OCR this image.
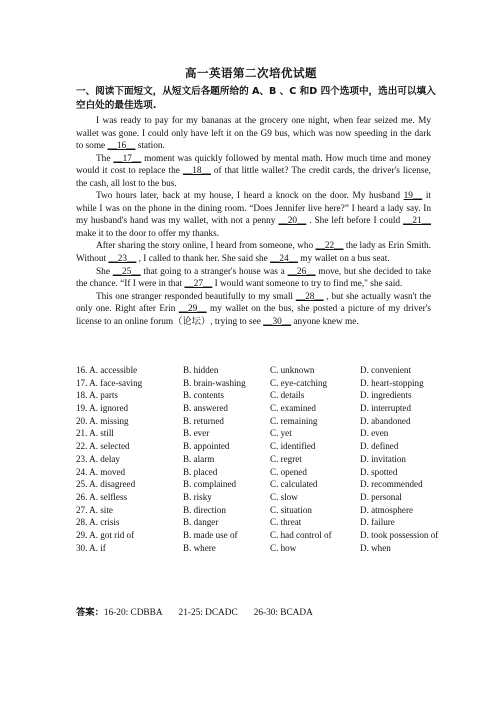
高一英语第二次培优试题
一、阅读下面短文，从短文后各题所给的 A、B 、C 和D 四个选项中，选出可以填入空白处的最佳选项.

I was ready to pay for my bananas at the grocery one night, when fear seized me. My wallet was gone. I could only have left it on the G9 bus, which was now speeding in the dark to some __16__ station.

The __17__ moment was quickly followed by mental math. How much time and money would it cost to replace the __18__ of that little wallet? The credit cards, the driver's license, the cash, all lost to the bus.

Two hours later, back at my house, I heard a knock on the door. My husband 19__ it while I was on the phone in the dining room. “Does Jennifer live here?” I heard a lady say. In my husband's hand was my wallet, with not a penny __20__ . She left before I could __21__ make it to the door to offer my thanks.

After sharing the story online, I heard from someone, who __22__ the lady as Erin Smith. Without __23__ , I called to thank her. She said she __24__ my wallet on a bus seat.

She __25__ that going to a stranger's house was a __26__ move, but she decided to take the chance. “If I were in that __27__ I would want someone to try to find me," she said.

This one stranger responded beautifully to my small __28__ , but she actually wasn't the only one. Right after Erin __29__ my wallet on the bus, she posted a picture of my driver's license to an online forum（论坛）, trying to see __30__ anyone knew me.

16. A. accessible	B. hidden	C. unknown	D. convenient
17. A. face-saving	B. brain-washing	C. eye-catching	D. heart-stopping
18. A. parts	B. contents	C. details	D. ingredients
19. A. ignored	B. answered	C. examined	D. interrupted
20. A. missing	B. returned	C. remaining	D. abandoned
21. A. still	B. ever	C. yet	D. even
22. A. selected	B. appointed	C. identified	D. defined
23. A. delay	B. alarm	C. regret	D. invitation
24. A. moved	B. placed	C. opened	D. spotted
25. A. disagreed	B. complained	C. calculated	D. recommended
26. A. selfless	B. risky	C. slow	D. personal
27. A. site	B. direction	C. situation	D. atmosphere
28. A. crisis	B. danger	C. threat	D. failure
29. A. got rid of	B. made use of	C. had control of	D. took possession of
30. A. if	B. where	C. how	D. when
答案：16-20: CDBBA 21-25: DCADC 26-30: BCADA
